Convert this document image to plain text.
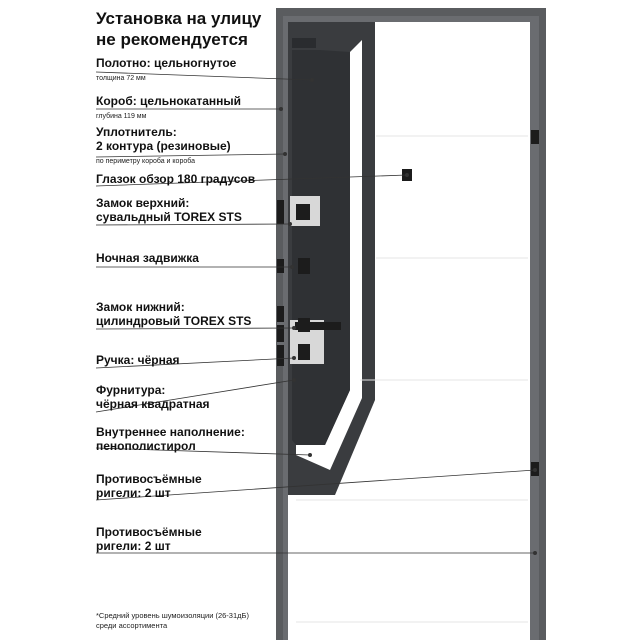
Установка на улицу
не рекомендуется
Полотно: цельногнутое
толщина 72 мм
Короб: цельнокатанный
глубина 119 мм
Уплотнитель:
2 контура (резиновые)
по периметру короба и короба
Глазок обзор 180 градусов
Замок верхний:
сувальдный TOREX STS
Ночная задвижка
Замок нижний:
цилиндровый TOREX STS
Ручка: чёрная
Фурнитура:
чёрная квадратная
Внутреннее наполнение:
пенополистирол
Противосъёмные
ригели: 2 шт
Противосъёмные
ригели: 2 шт
*Средний уровень шумоизоляции (26-31дБ)
среди ассортимента
